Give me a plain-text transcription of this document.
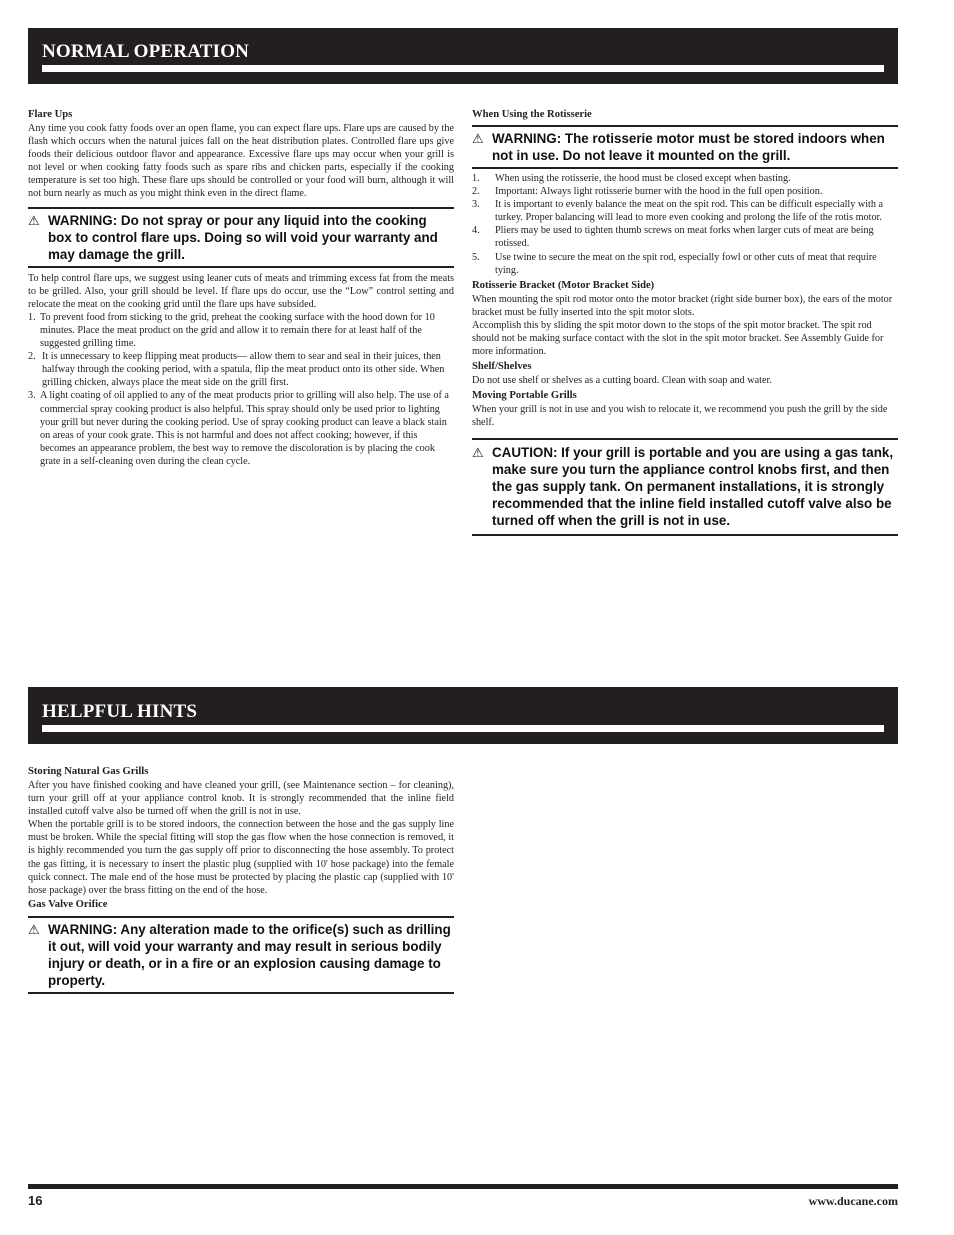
NORMAL OPERATION

Flare Ups

Any time you cook fatty foods over an open flame, you can expect flare ups. Flare ups are caused by the flash which occurs when the natural juices fall on the heat distribution plates. Controlled flare ups give foods their delicious outdoor flavor and appearance. Excessive flare ups may occur when your grill is not level or when cooking fatty foods such as spare ribs and chicken parts, especially if the cooking temperature is set too high. These flare ups should be controlled or your food will burn, although it will not burn nearly as much as you might think even in the direct flame.

⚠ WARNING: Do not spray or pour any liquid into the cooking box to control flare ups. Doing so will void your warranty and may damage the grill.

To help control flare ups, we suggest using leaner cuts of meats and trimming excess fat from the meats to be grilled. Also, your grill should be level. If flare ups do occur, use the “Low” control setting and relocate the meat on the cooking grid until the flare ups have subsided.

1. To prevent food from sticking to the grid, preheat the cooking surface with the hood down for 10 minutes. Place the meat product on the grid and allow it to remain there for at least half of the suggested grilling time.
2. It is unnecessary to keep flipping meat products— allow them to sear and seal in their juices, then halfway through the cooking period, with a spatula, flip the meat product onto its other side. When grilling chicken, always place the meat side on the grill first.
3. A light coating of oil applied to any of the meat products prior to grilling will also help. The use of a commercial spray cooking product is also helpful. This spray should only be used prior to lighting your grill but never during the cooking period. Use of spray cooking product can leave a black stain on areas of your cook grate. This is not harmful and does not affect cooking; however, if this becomes an appearance problem, the best way to remove the discoloration is by placing the cook grate in a self-cleaning oven during the clean cycle.

When Using the Rotisserie

⚠ WARNING: The rotisserie motor must be stored indoors when not in use. Do not leave it mounted on the grill.
1.	When using the rotisserie, the hood must be closed except when basting.
2.	Important: Always light rotisserie burner with the hood in the full open position.
3.	It is important to evenly balance the meat on the spit rod. This can be difficult especially with a turkey. Proper balancing will lead to more even cooking and prolong the life of the rotis motor.
4.	Pliers may be used to tighten thumb screws on meat forks when larger cuts of meat are being rotissed.
5.	Use twine to secure the meat on the spit rod, especially fowl or other cuts of meat that require tying.

Rotisserie Bracket (Motor Bracket Side)

When mounting the spit rod motor onto the motor bracket (right side burner box), the ears of the motor bracket must be fully inserted into the spit motor slots.

Accomplish this by sliding the spit motor down to the stops of the spit motor bracket. The spit rod should not be making surface contact with the slot in the spit motor bracket. See Assembly Guide for more information.

Shelf/Shelves

Do not use shelf or shelves as a cutting board. Clean with soap and water.

Moving Portable Grills

When your grill is not in use and you wish to relocate it, we recommend you push the grill by the side shelf.

⚠ CAUTION: If your grill is portable and you are using a gas tank, make sure you turn the appliance control knobs first, and then the gas supply tank. On permanent installations, it is strongly recommended that the inline field installed cutoff valve also be turned off when the grill is not in use.
HELPFUL HINTS

Storing Natural Gas Grills

After you have finished cooking and have cleaned your grill, (see Maintenance section – for cleaning), turn your grill off at your appliance control knob. It is strongly recommended that the inline field installed cutoff valve also be turned off when the grill is not in use.

When the portable grill is to be stored indoors, the connection between the hose and the gas supply line must be broken. While the special fitting will stop the gas flow when the hose connection is removed, it is highly recommended you turn the gas supply off prior to disconnecting the hose assembly. To protect the gas fitting, it is necessary to insert the plastic plug (supplied with 10' hose package) into the female quick connect. The male end of the hose must be protected by placing the plastic cap (supplied with 10' hose package) over the brass fitting on the end of the hose.

Gas Valve Orifice

⚠ WARNING: Any alteration made to the orifice(s) such as drilling it out, will void your warranty and may result in serious bodily injury or death, or in a fire or an explosion causing damage to property.
16	www.ducane.com
